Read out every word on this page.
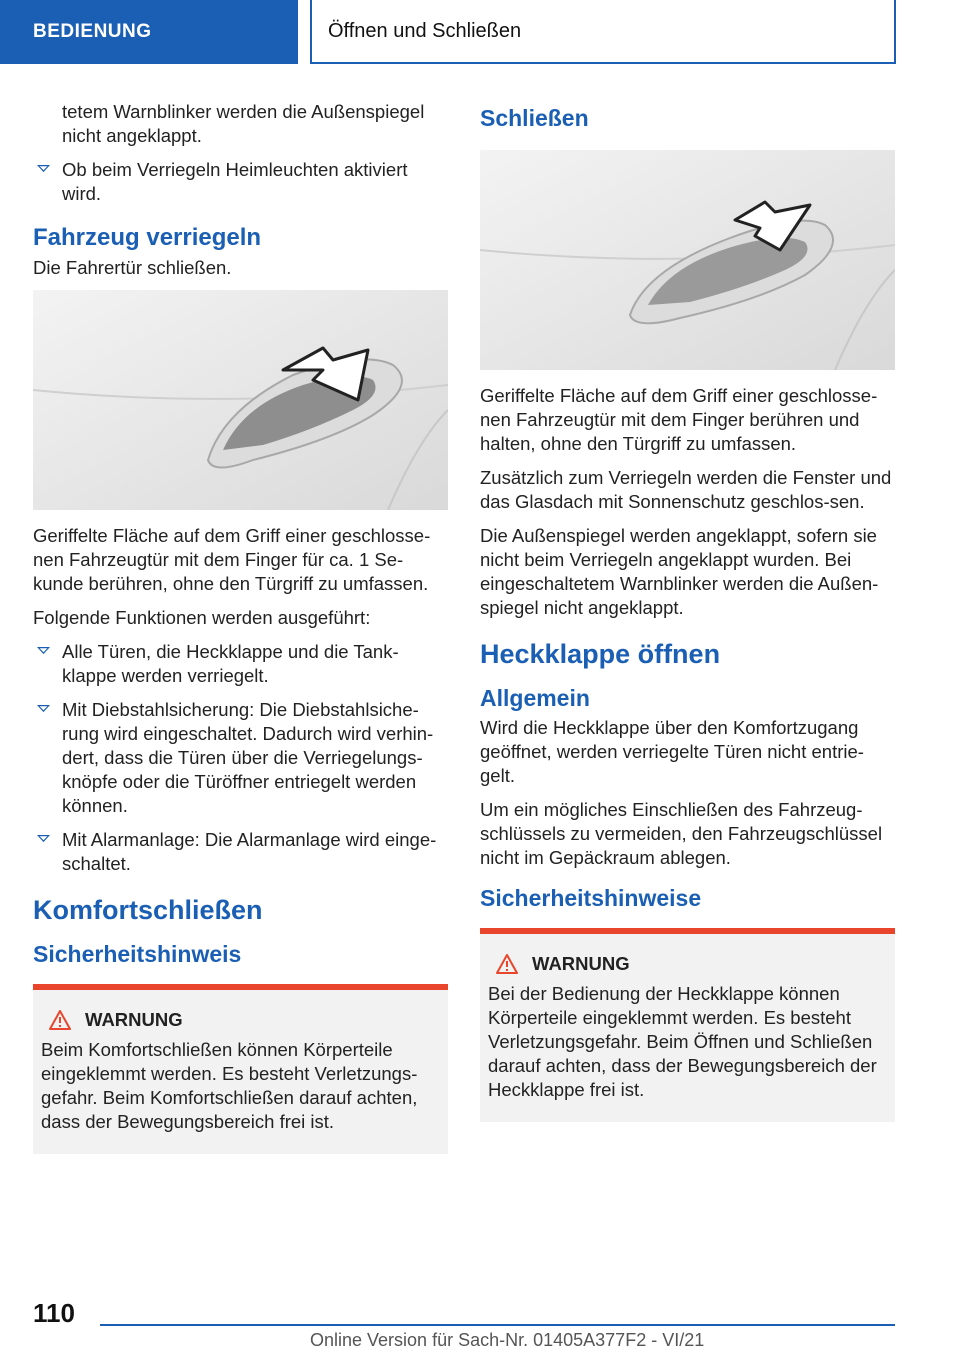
BEDIENUNG	Öffnen und Schließen

tetem Warnblinker werden die Außenspiegel nicht angeklappt.

Ob beim Verriegeln Heimleuchten aktiviert wird.
Fahrzeug verriegeln

Die Fahrertür schließen.

Geriffelte Fläche auf dem Griff einer geschlosse-nen Fahrzeugtür mit dem Finger für ca. 1 Se-kunde berühren, ohne den Türgriff zu umfassen.

Folgende Funktionen werden ausgeführt:

Alle Türen, die Heckklappe und die Tank-klappe werden verriegelt.
Mit Diebstahlsicherung: Die Diebstahlsiche-rung wird eingeschaltet. Dadurch wird verhin-dert, dass die Türen über die Verriegelungs-knöpfe oder die Türöffner entriegelt werden können.
Mit Alarmanlage: Die Alarmanlage wird einge-schaltet.
Komfortschließen
Sicherheitshinweis
WARNUNG
Beim Komfortschließen können Körperteile eingeklemmt werden. Es besteht Verletzungs-gefahr. Beim Komfortschließen darauf achten, dass der Bewegungsbereich frei ist.
Schließen

Geriffelte Fläche auf dem Griff einer geschlosse-nen Fahrzeugtür mit dem Finger berühren und halten, ohne den Türgriff zu umfassen.

Zusätzlich zum Verriegeln werden die Fenster und das Glasdach mit Sonnenschutz geschlos-sen.

Die Außenspiegel werden angeklappt, sofern sie nicht beim Verriegeln angeklappt wurden. Bei eingeschaltetem Warnblinker werden die Außen-spiegel nicht angeklappt.

Heckklappe öffnen
Allgemein

Wird die Heckklappe über den Komfortzugang geöffnet, werden verriegelte Türen nicht entrie-gelt.

Um ein mögliches Einschließen des Fahrzeug-schlüssels zu vermeiden, den Fahrzeugschlüssel nicht im Gepäckraum ablegen.

Sicherheitshinweise
WARNUNG
Bei der Bedienung der Heckklappe können Körperteile eingeklemmt werden. Es besteht Verletzungsgefahr. Beim Öffnen und Schließen darauf achten, dass der Bewegungsbereich der Heckklappe frei ist.
110
Online Version für Sach-Nr. 01405A377F2 - VI/21
